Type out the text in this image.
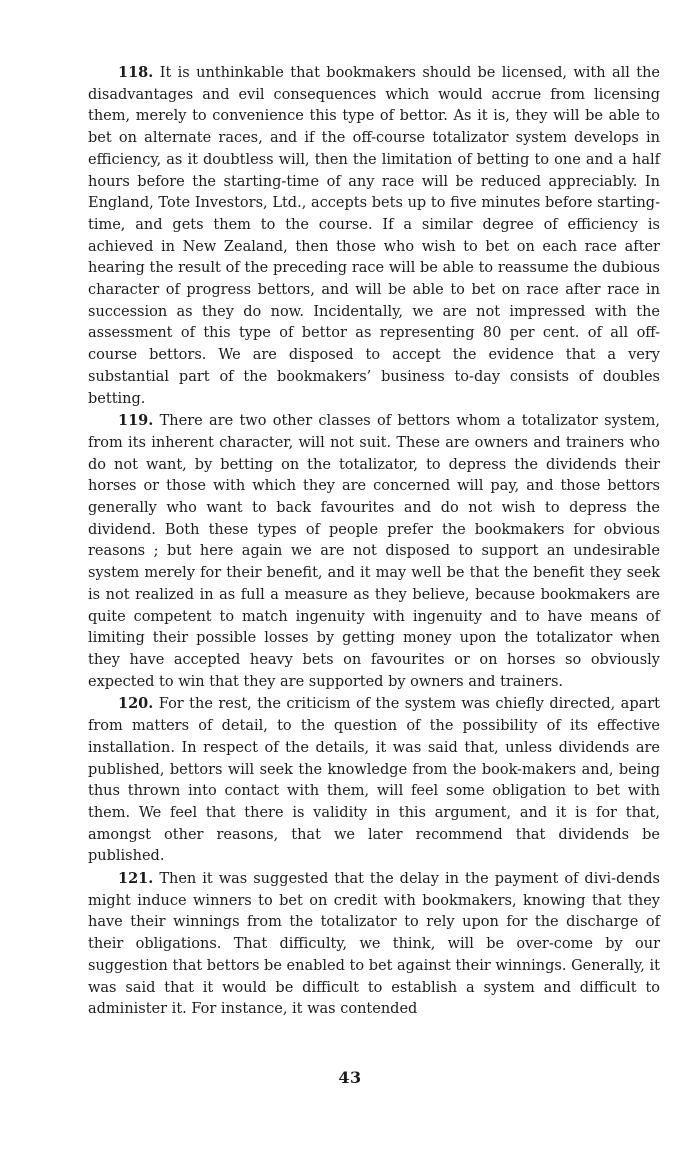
118. It is unthinkable that bookmakers should be licensed, with all the disadvantages and evil consequences which would accrue from licensing them, merely to convenience this type of bettor. As it is, they will be able to bet on alternate races, and if the off-course totalizator system develops in efficiency, as it doubtless will, then the limitation of betting to one and a half hours before the starting-time of any race will be reduced appreciably. In England, Tote Investors, Ltd., accepts bets up to five minutes before starting-time, and gets them to the course. If a similar degree of efficiency is achieved in New Zealand, then those who wish to bet on each race after hearing the result of the preceding race will be able to reassume the dubious character of progress bettors, and will be able to bet on race after race in succession as they do now. Incidentally, we are not impressed with the assessment of this type of bettor as representing 80 per cent. of all off-course bettors. We are disposed to accept the evidence that a very substantial part of the bookmakers’ business to-day consists of doubles betting.

119. There are two other classes of bettors whom a totalizator system, from its inherent character, will not suit. These are owners and trainers who do not want, by betting on the totalizator, to depress the dividends their horses or those with which they are concerned will pay, and those bettors generally who want to back favourites and do not wish to depress the dividend. Both these types of people prefer the bookmakers for obvious reasons ; but here again we are not disposed to support an undesirable system merely for their benefit, and it may well be that the benefit they seek is not realized in as full a measure as they believe, because bookmakers are quite competent to match ingenuity with ingenuity and to have means of limiting their possible losses by getting money upon the totalizator when they have accepted heavy bets on favourites or on horses so obviously expected to win that they are supported by owners and trainers.

120. For the rest, the criticism of the system was chiefly directed, apart from matters of detail, to the question of the possibility of its effective installation. In respect of the details, it was said that, unless dividends are published, bettors will seek the knowledge from the book-makers and, being thus thrown into contact with them, will feel some obligation to bet with them. We feel that there is validity in this argument, and it is for that, amongst other reasons, that we later recommend that dividends be published.

121. Then it was suggested that the delay in the payment of divi-dends might induce winners to bet on credit with bookmakers, knowing that they have their winnings from the totalizator to rely upon for the discharge of their obligations. That difficulty, we think, will be over-come by our suggestion that bettors be enabled to bet against their winnings. Generally, it was said that it would be difficult to establish a system and difficult to administer it. For instance, it was contended

43
